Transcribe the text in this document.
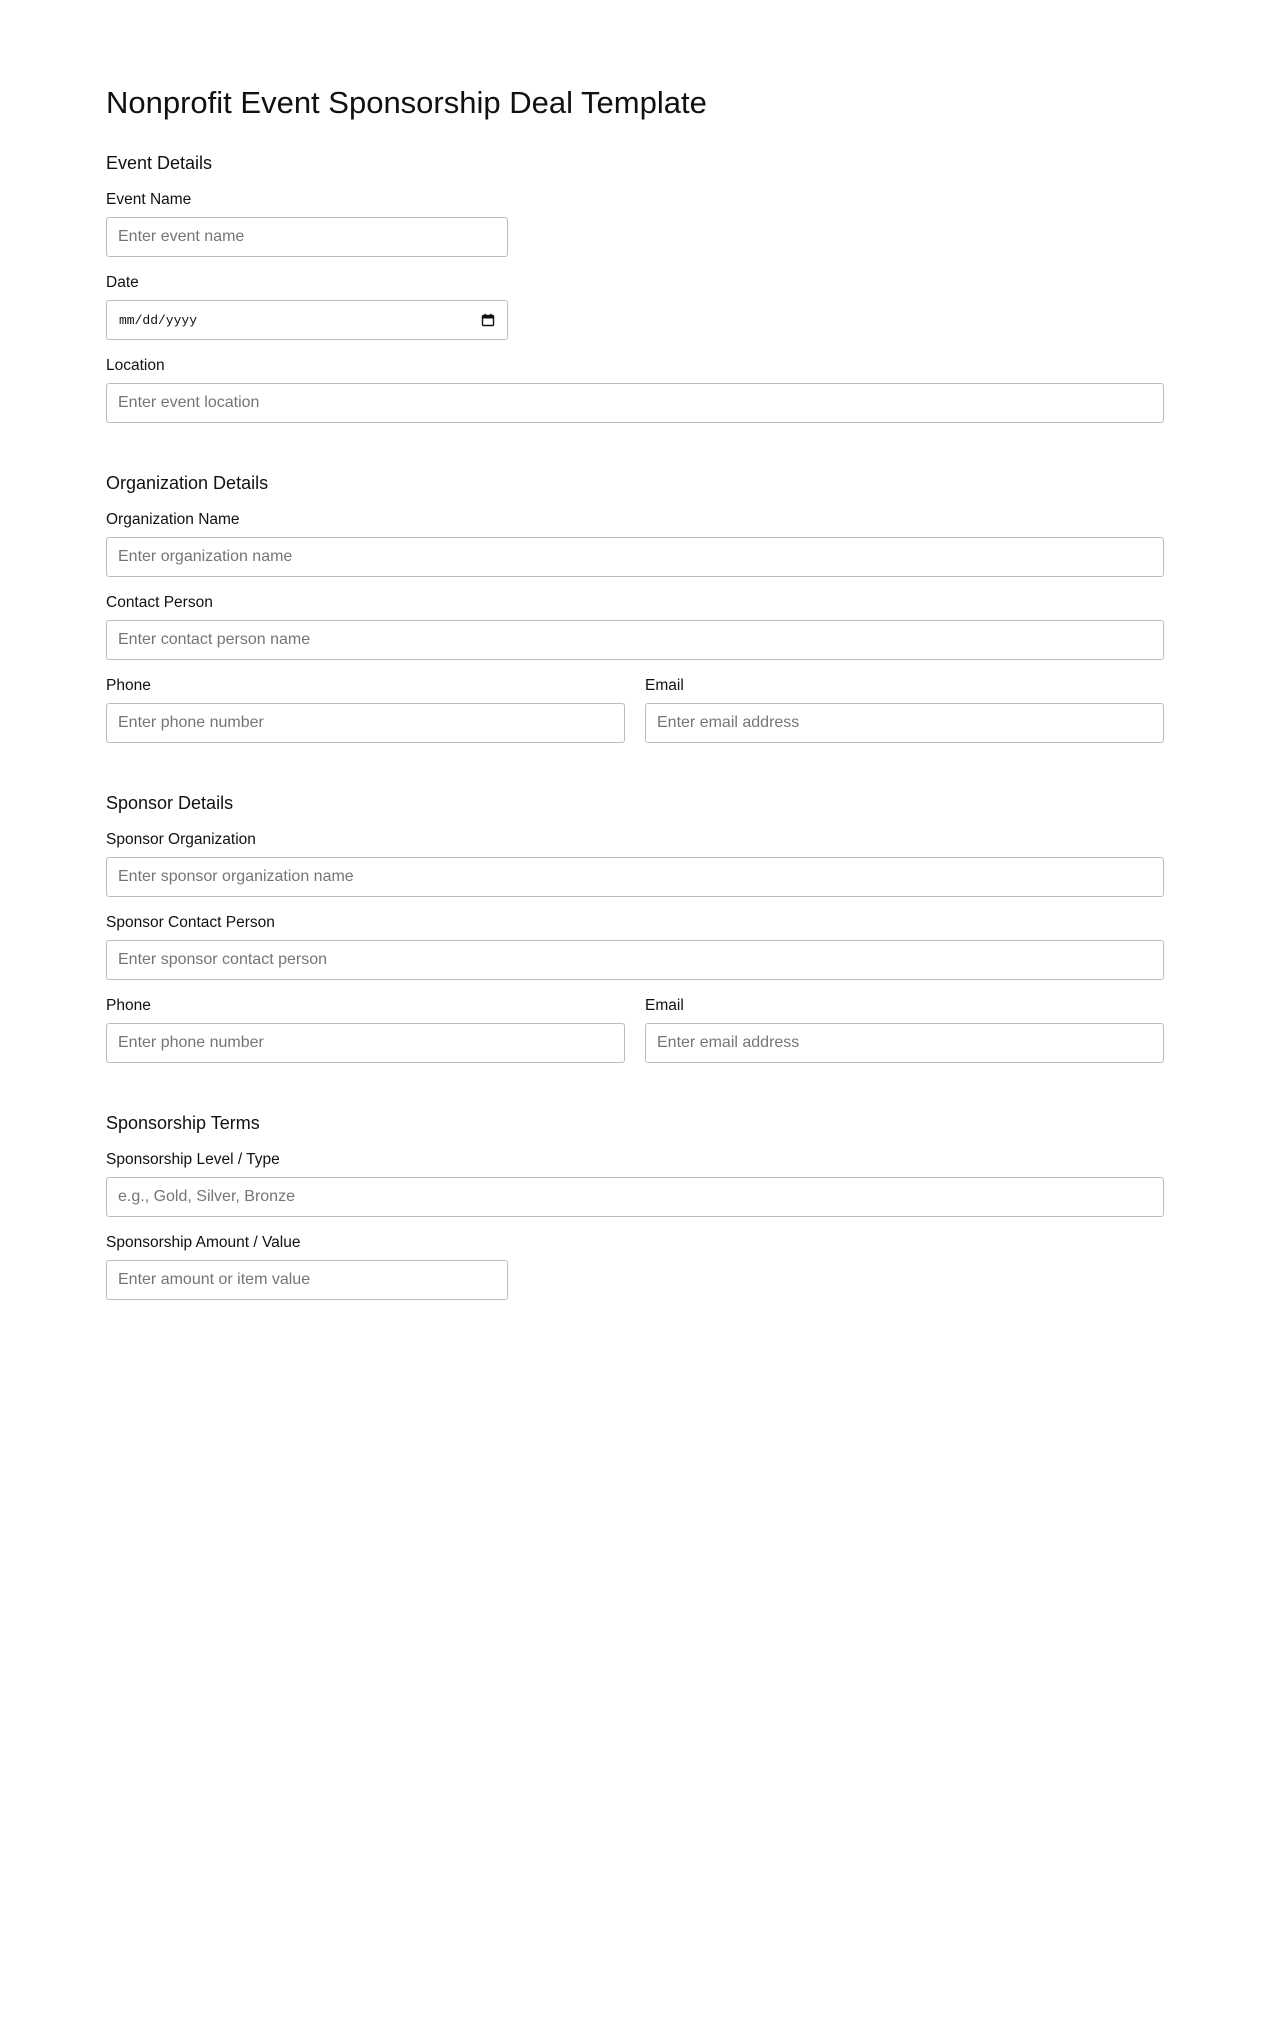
Nonprofit Event Sponsorship Deal Template
Event Details
Event Name
Enter event name
Date
mm/dd/yyyy
Location
Enter event location
Organization Details
Organization Name
Enter organization name
Contact Person
Enter contact person name
Phone
Enter phone number	Email
Enter email address
Sponsor Details
Sponsor Organization
Enter sponsor organization name
Sponsor Contact Person
Enter sponsor contact person
Phone
Enter phone number	Email
Enter email address
Sponsorship Terms
Sponsorship Level / Type
e.g., Gold, Silver, Bronze
Sponsorship Amount / Value
Enter amount or item value
